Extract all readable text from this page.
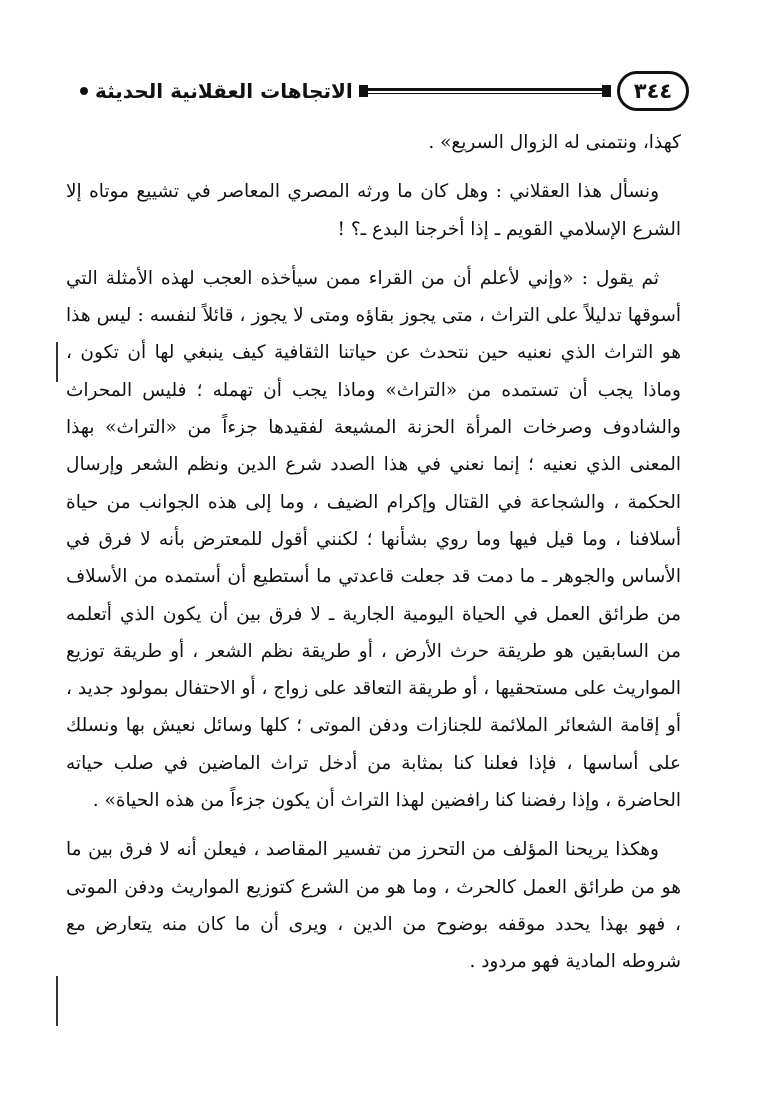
٣٤٤
الاتجاهات العقلانية الحديثة

كهذا، ونتمنى له الزوال السريع» .

ونسأل هذا العقلاني : وهل كان ما ورثه المصري المعاصر في تشييع موتاه إلا الشرع الإسلامي القويم ـ إذا أخرجنا البدع ـ؟ !

ثم يقول : «وإني لأعلم أن من القراء ممن سيأخذه العجب لهذه الأمثلة التي أسوقها تدليلاً على التراث ، متى يجوز بقاؤه ومتى لا يجوز ، قائلاً لنفسه : ليس هذا هو التراث الذي نعنيه حين نتحدث عن حياتنا الثقافية كيف ينبغي لها أن تكون ، وماذا يجب أن تستمده من «التراث» وماذا يجب أن تهمله ؛ فليس المحراث والشادوف وصرخات المرأة الحزنة المشيعة لفقيدها جزءاً من «التراث» بهذا المعنى الذي نعنيه ؛ إنما نعني في هذا الصدد شرع الدين ونظم الشعر وإرسال الحكمة ، والشجاعة في القتال وإكرام الضيف ، وما إلى هذه الجوانب من حياة أسلافنا ، وما قيل فيها وما روي بشأنها ؛ لكنني أقول للمعترض بأنه لا فرق في الأساس والجوهر ـ ما دمت قد جعلت قاعدتي ما أستطيع أن أستمده من الأسلاف من طرائق العمل في الحياة اليومية الجارية ـ لا فرق بين أن يكون الذي أتعلمه من السابقين هو طريقة حرث الأرض ، أو طريقة نظم الشعر ، أو طريقة توزيع المواريث على مستحقيها ، أو طريقة التعاقد على زواج ، أو الاحتفال بمولود جديد ، أو إقامة الشعائر الملائمة للجنازات ودفن الموتى ؛ كلها وسائل نعيش بها ونسلك على أساسها ، فإذا فعلنا كنا بمثابة من أدخل تراث الماضين في صلب حياته الحاضرة ، وإذا رفضنا كنا رافضين لهذا التراث أن يكون جزءاً من هذه الحياة» .

وهكذا يريحنا المؤلف من التحرز من تفسير المقاصد ، فيعلن أنه لا فرق بين ما هو من طرائق العمل كالحرث ، وما هو من الشرع كتوزيع المواريث ودفن الموتى ، فهو بهذا يحدد موقفه بوضوح من الدين ، ويرى أن ما كان منه يتعارض مع شروطه المادية فهو مردود .
